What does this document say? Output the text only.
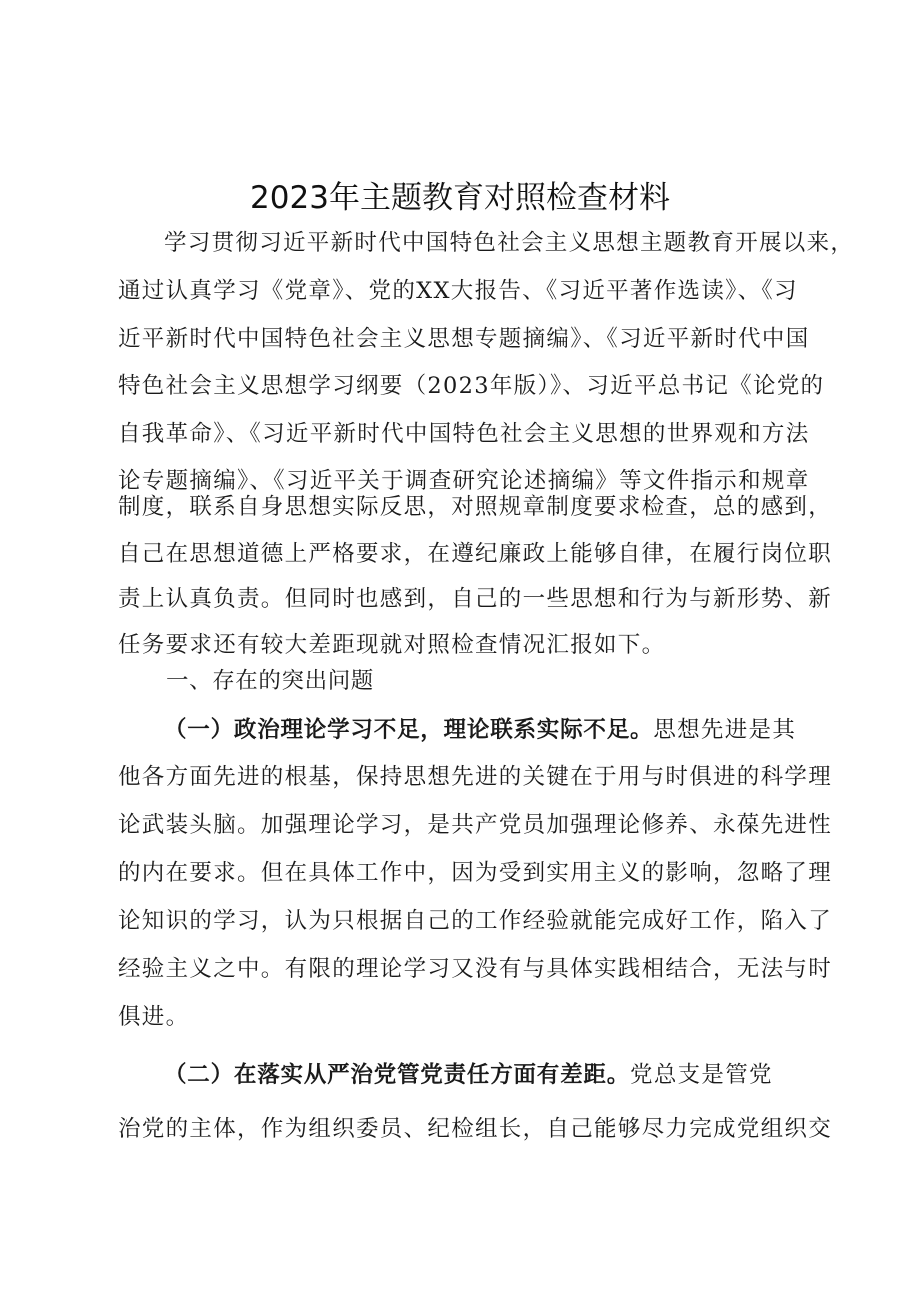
2023年主题教育对照检查材料
学习贯彻习近平新时代中国特色社会主义思想主题教育开展以来，
通过认真学习《党章》、党的XX大报告、《习近平著作选读》、《习
近平新时代中国特色社会主义思想专题摘编》、《习近平新时代中国
特色社会主义思想学习纲要（2023年版）》、习近平总书记《论党的
自我革命》、《习近平新时代中国特色社会主义思想的世界观和方法
论专题摘编》、《习近平关于调查研究论述摘编》等文件指示和规章
制度，联系自身思想实际反思，对照规章制度要求检查，总的感到，
自己在思想道德上严格要求，在遵纪廉政上能够自律，在履行岗位职
责上认真负责。但同时也感到，自己的一些思想和行为与新形势、新
任务要求还有较大差距现就对照检查情况汇报如下。
一、存在的突出问题
（一）政治理论学习不足，理论联系实际不足。思想先进是其
他各方面先进的根基，保持思想先进的关键在于用与时俱进的科学理
论武装头脑。加强理论学习，是共产党员加强理论修养、永葆先进性
的内在要求。但在具体工作中，因为受到实用主义的影响，忽略了理
论知识的学习，认为只根据自己的工作经验就能完成好工作，陷入了
经验主义之中。有限的理论学习又没有与具体实践相结合，无法与时
俱进。
（二）在落实从严治党管党责任方面有差距。党总支是管党
治党的主体，作为组织委员、纪检组长，自己能够尽力完成党组织交
